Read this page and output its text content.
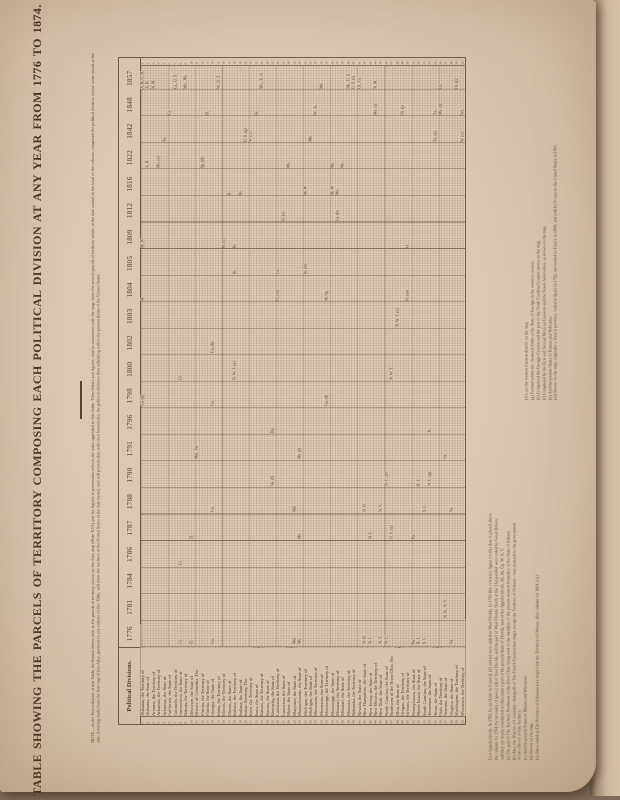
TABLE SHOWING THE PARCELS OF TERRITORY COMPOSING EACH POLITICAL DIVISION AT ANY YEAR FROM 1776 TO 1874.	NOTE.—In the Year-columns of this Table, the Roman letters refer to the parcels of territory shown on the Area map (Plate XVI.) and the figures in parenthesis refer to the notes appended to this Table. These letters and figures, read in connection with the map, show the several parcels of territory which, at the date named at the head of the column, composed the political division whose name stands at the side. A tracing made from the first map of this Atlas, pursuant to any column of this Table, will show the territory of the United States at the date named, and will present also, with their boundaries, the political divisions then subsisting within the present limits of the United States.	Political Divisions.
1776
1781
1784
1786
1787
1788
1790
1791
1796
1798
1800
1802
1803
1804
1805
1809
1812
1816
1822
1842
1848
1857
1 2 3 4 5 6 7 8 9 10 11 12 13 14 15 16 17 18 19 20 21 22 23 24 25 26 27 28 29 30 31 32 33 34 35 36 37 38 39 40 41 42 43 44 45 46 47 48 49 50 51 52 53 54 55 56 57 58 59 60
Alabama, the Territory of Alabama, the State of Arizona, the Territory of Arkansas, the Territory of Arkansas, the State of California, the State of Colorado, the Territory of Connecticut, the State of Dakota, the Territory of Delaware, the State of District of Columbia, The Florida, the Territory of Florida, the State of Georgia, the State of Idaho, the Territory of Illinois, the Territory of Illinois, the State of Indiana, the Territory of Indiana, the State of Indian Territory, The Iowa, the Territory of Iowa, the State of Kansas, the Territory of Kansas, the State of Kentucky, the State of Louisiana, the Territory of Louisiana, the State of Maine, the State of Maryland, the State of Massachusetts, the State of Michigan, the Territory of Michigan, the State of Minnesota, the Territory of Minnesota, the State of Mississippi, the Territory of Mississippi, the State of Missouri, the Territory of Missouri, the State of Montana, the Territory of Nebraska, the Territory of Nevada, the State of New Hampshire, the State of New Jersey, the State of New Mexico, the Territory of New York, the State of North Carolina, the State of Northwest of the River Ohio, Ter. Ohio, the State of Oregon, the Territory of Orleans, the Territory of Pennsylvania, the State of Rhode Island, the State of South Carolina, the State of Tennessee, the State of Texas, the State of Utah, the Territory of Vermont, the State of Virginia, the State of Washington, the Territory of Wisconsin, the Territory of
Ga. (d)
M
M, W
A, B, C, D.
A, B
A, B. N. M.
Mo. (e)
Ar.
Cs.
Cs., U. S.
Ct.
Ct.
Ct.
Mo., Nb.
D.
D.
Md., Va.
Sp. (d)
Fl.
Ga.
Ga.
Ga.
Ga. (h)
W., U. S.
In. (c)
Il.
N. W. T. (a)
In.
In.
In.
U. S. (g) W. (c)
Ia.
Mo., U. S.
Va. (f)
Ky.
Fr. (m)
La.
O. (e)
Ms.
Md.
Md.
Ms.
Ms.
Ms. (f)
In. (b)
M, W
Mh.
W., Ia.
Mn.
Ga. (d)
M, Sp.
M, W
Mi.
La. (b)
Mo.
Mo.
Nb., U. S. U. S. (i) Ut., Cs.
N. H.
N. H.
N. J.
N. J.
Mx. (i)
N. M.
N. Y.
N. Y.
N. C.
N. C. (f)
U. S. (a)
N. W. T.
N. W. T. (c)
Or. (j)
Fr. (m)
O.
Pa.
Pa.
R. I.
R. I.
S. C.
S. C.
N. C. (g)
Te.
Tx. (k)
Tx. Mx. (i)
Ut.
N. H., N. Y.
Vt.
Va.
Va.
Or. (j)
W. (c)
Ws.
1 2 3 4 5 6 7 8 9 10 11 12 13 14 15 16 17 18 19 20 21 22 23 24 25 26 27 28 29 30 31 32 33 34 35 36 37 38 39 40 41 42 43 44 45 46 47 48 49 50 51 52 53 54 55 56 57 58 59 60
East Appalachicola. In 1763, by an Order in Council, (d) and (e) were added to West Florida. In 1783 [the reference figure for this date is placed above the column for 1784, by necessity of space,] (d) of East Florida, and the part of West Florida North of the 31st parallel were ceded by Great Britain; and they are herein considered as then made a part of the present State of Florida, east of the Appalachicola. Ab, Ah, Cp, W, X, Y. (a) The part of The Territory Northwest of the River Ohio lying west of the meridian of the present western boundary of the State of Indiana. (b) Also, the District of Louisiana—being all of The French Cession (see map), except the Territory of Orleans—was annexed to the government of the officers of this Territory. (c) And the present States of Illinois and Wisconsin. (d) Shown on the map. (e) Since ceded as The Province of Arkansas (see map) from the Territory of Orleans. (See column for 1804, (a).)
(f) Less the western Custom district on the map. (g) Formed within the chartered limits of the State of Georgia in the western cession. (h) Comprised the Georgia Cession and the part of the North Carolina Cession shown on the map. (i) Completed by the First and Second Mexican Cessions and the Texan Annexation, as shown on the map. (k) And the present States of Kansas and Nebraska. (m) Shown on the map; originally a French province; ceded to Spain in 1762; retroceded to France in 1800; and sold by France to the United States in 1803.
